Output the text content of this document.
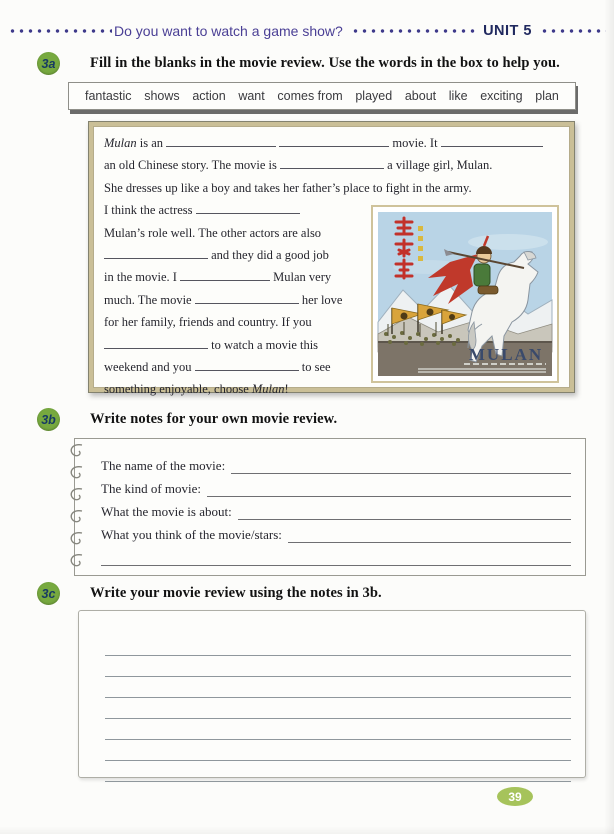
Do you want to watch a game show?	UNIT 5
3a	Fill in the blanks in the movie review. Use the words in the box to help you.
fantastic shows action want comes from played about like exciting plan
Mulan is an	movie. It
an old Chinese story. The movie is	a village girl, Mulan.
She dresses up like a boy and takes her father’s place to fight in the army.
I think the actress
Mulan’s role well. The other actors are also
and they did a good job
in the movie. I	Mulan very
much. The movie	her love
for her family, friends and country. If you
to watch a movie this
weekend and you	to see
something enjoyable, choose Mulan!
MULAN
3b Write notes for your own movie review.
The name of the movie:
The kind of movie:
What the movie is about:
What you think of the movie/stars:
3c	Write your movie review using the notes in 3b.
39
